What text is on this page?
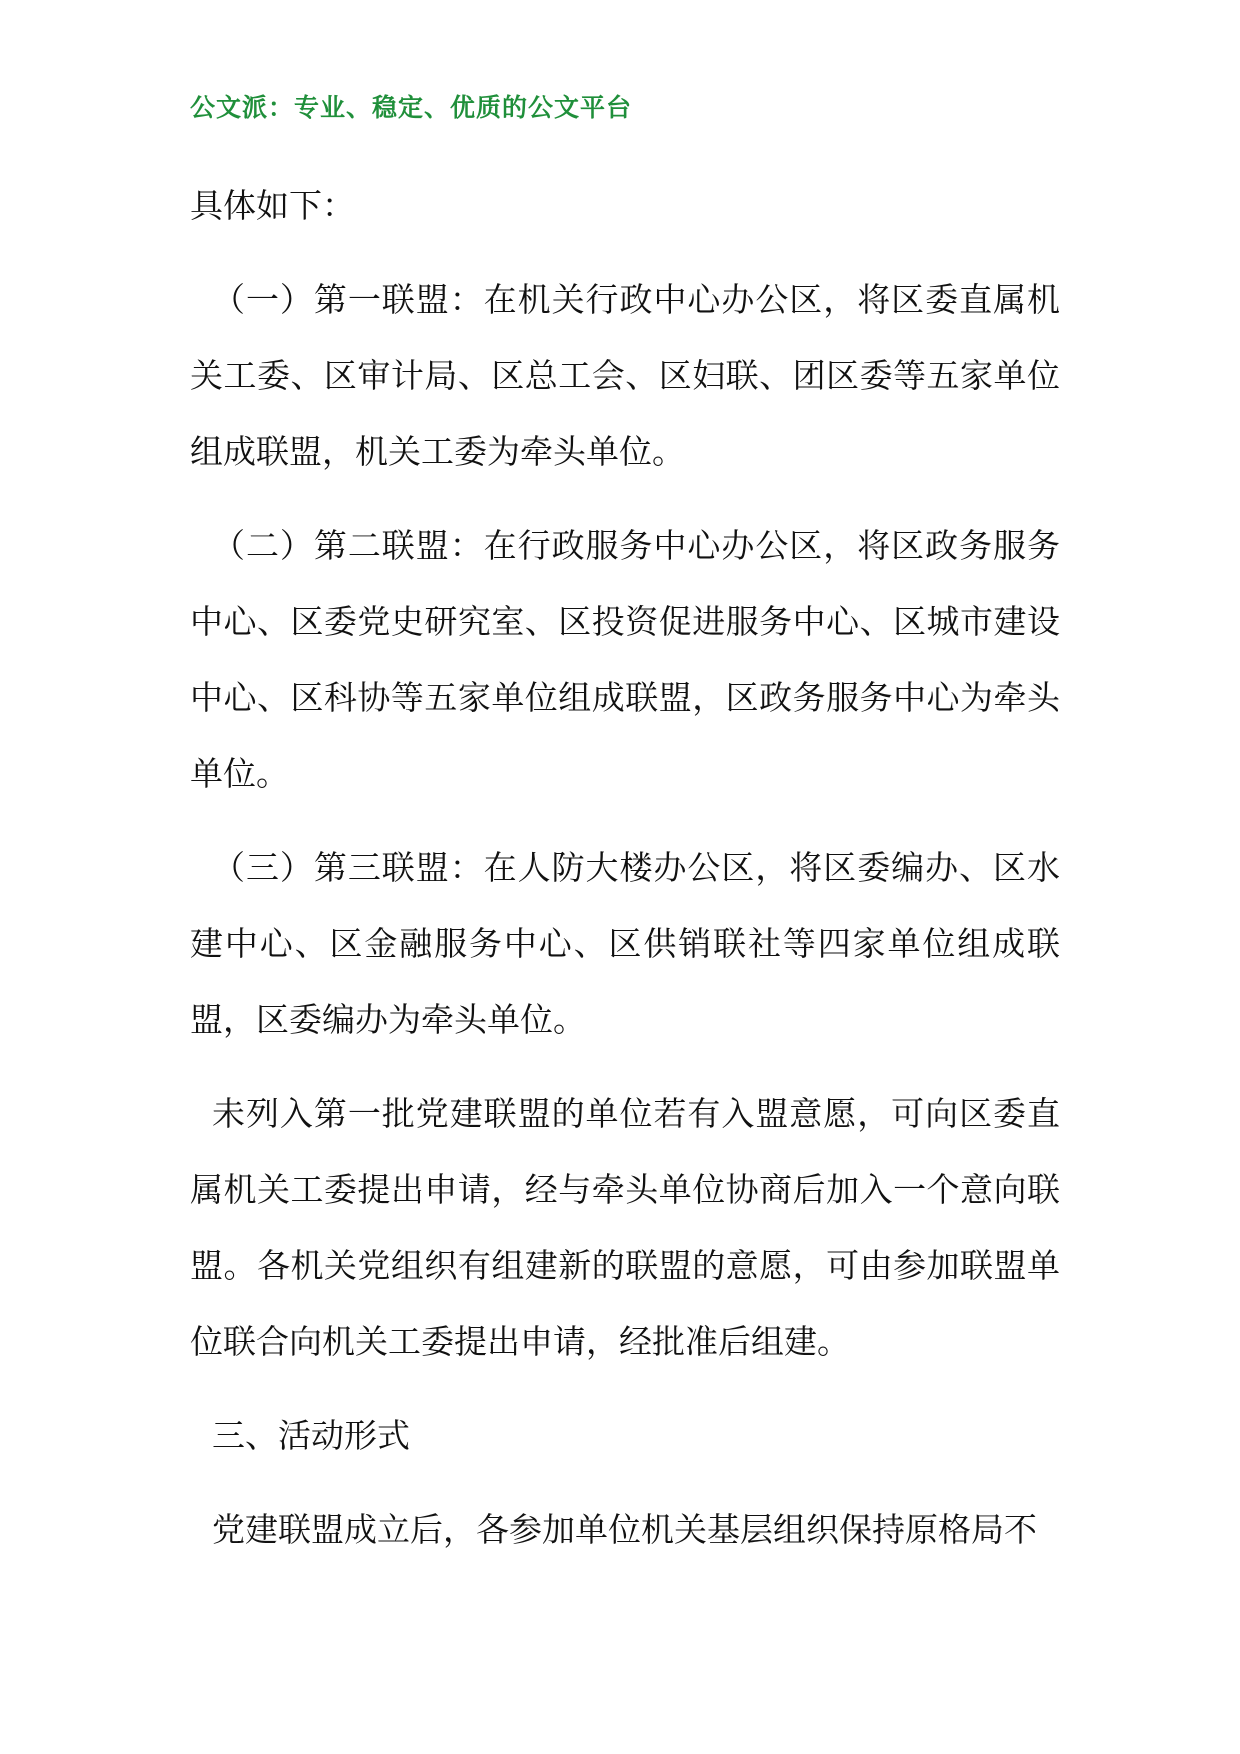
公文派：专业、稳定、优质的公文平台

具体如下：

（一）第一联盟：在机关行政中心办公区，将区委直属机关工委、区审计局、区总工会、区妇联、团区委等五家单位组成联盟，机关工委为牵头单位。

（二）第二联盟：在行政服务中心办公区，将区政务服务中心、区委党史研究室、区投资促进服务中心、区城市建设中心、区科协等五家单位组成联盟，区政务服务中心为牵头单位。

（三）第三联盟：在人防大楼办公区，将区委编办、区水建中心、区金融服务中心、区供销联社等四家单位组成联盟，区委编办为牵头单位。

未列入第一批党建联盟的单位若有入盟意愿，可向区委直属机关工委提出申请，经与牵头单位协商后加入一个意向联盟。各机关党组织有组建新的联盟的意愿，可由参加联盟单位联合向机关工委提出申请，经批准后组建。

三、活动形式

党建联盟成立后，各参加单位机关基层组织保持原格局不
